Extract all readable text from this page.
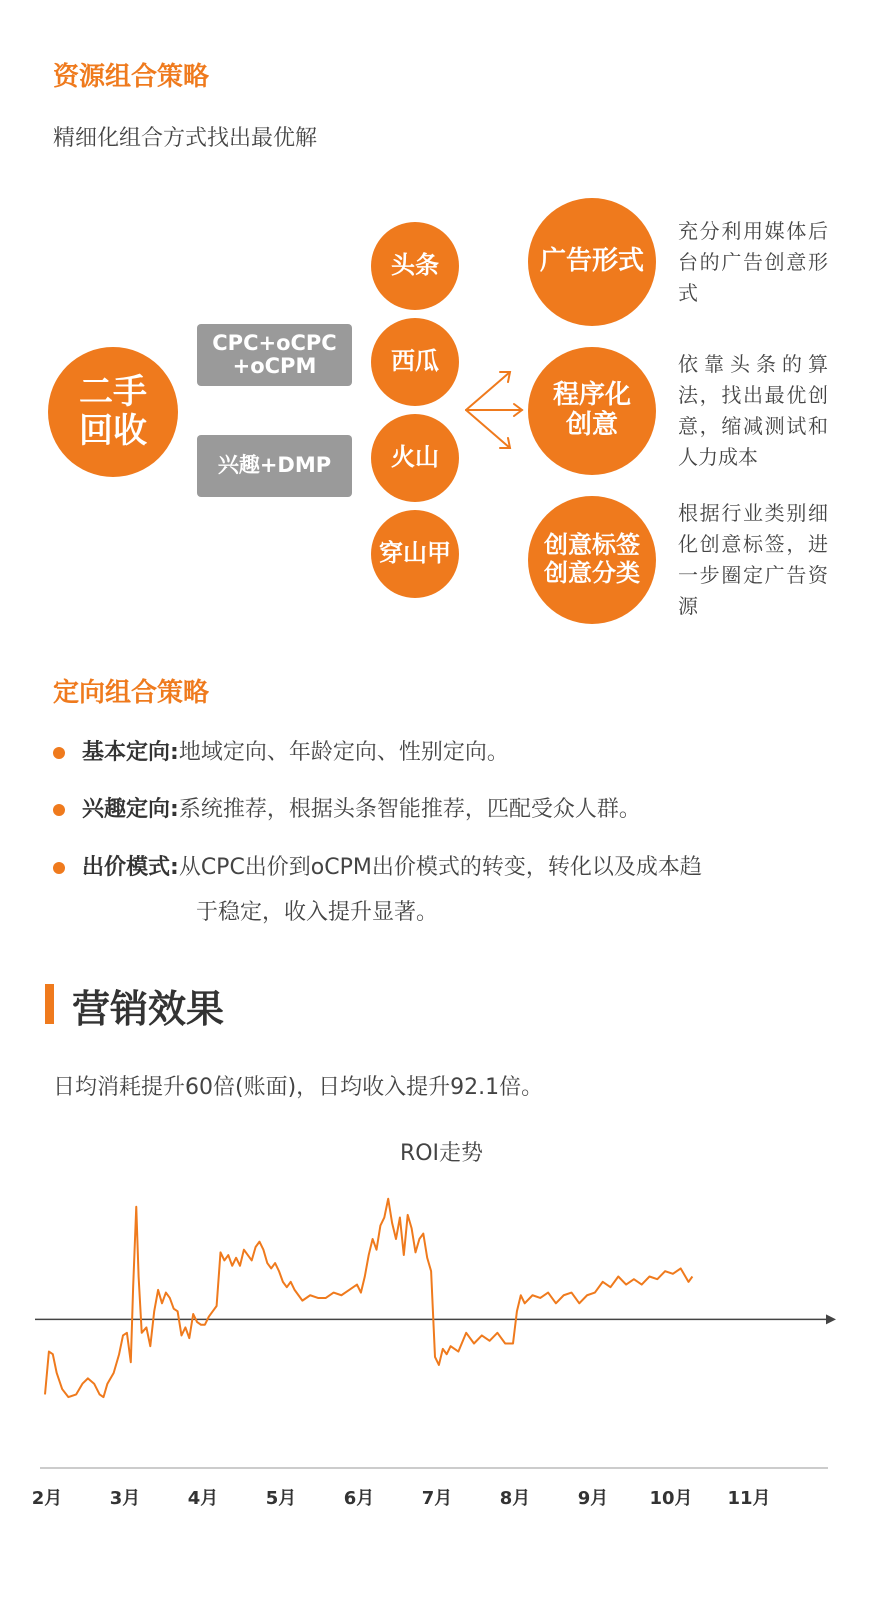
资源组合策略
精细化组合方式找出最优解
二手
回收
CPC+oCPC
+oCPM
兴趣+DMP
头条
西瓜
火山
穿山甲
广告形式
程序化
创意
创意标签
创意分类
充分利用媒体后台的广告创意形式
依靠头条的算法，找出最优创意，缩减测试和人力成本
根据行业类别细化创意标签，进一步圈定广告资源
定向组合策略
基本定向:地域定向、年龄定向、性别定向。
兴趣定向:系统推荐，根据头条智能推荐，匹配受众人群。
出价模式:从CPC出价到oCPM出价模式的转变，转化以及成本趋
于稳定，收入提升显著。
营销效果
日均消耗提升60倍(账面)，日均收入提升92.1倍。
ROI走势
2月	3月	4月	5月	6月	7月	8月	9月 10月 11月
